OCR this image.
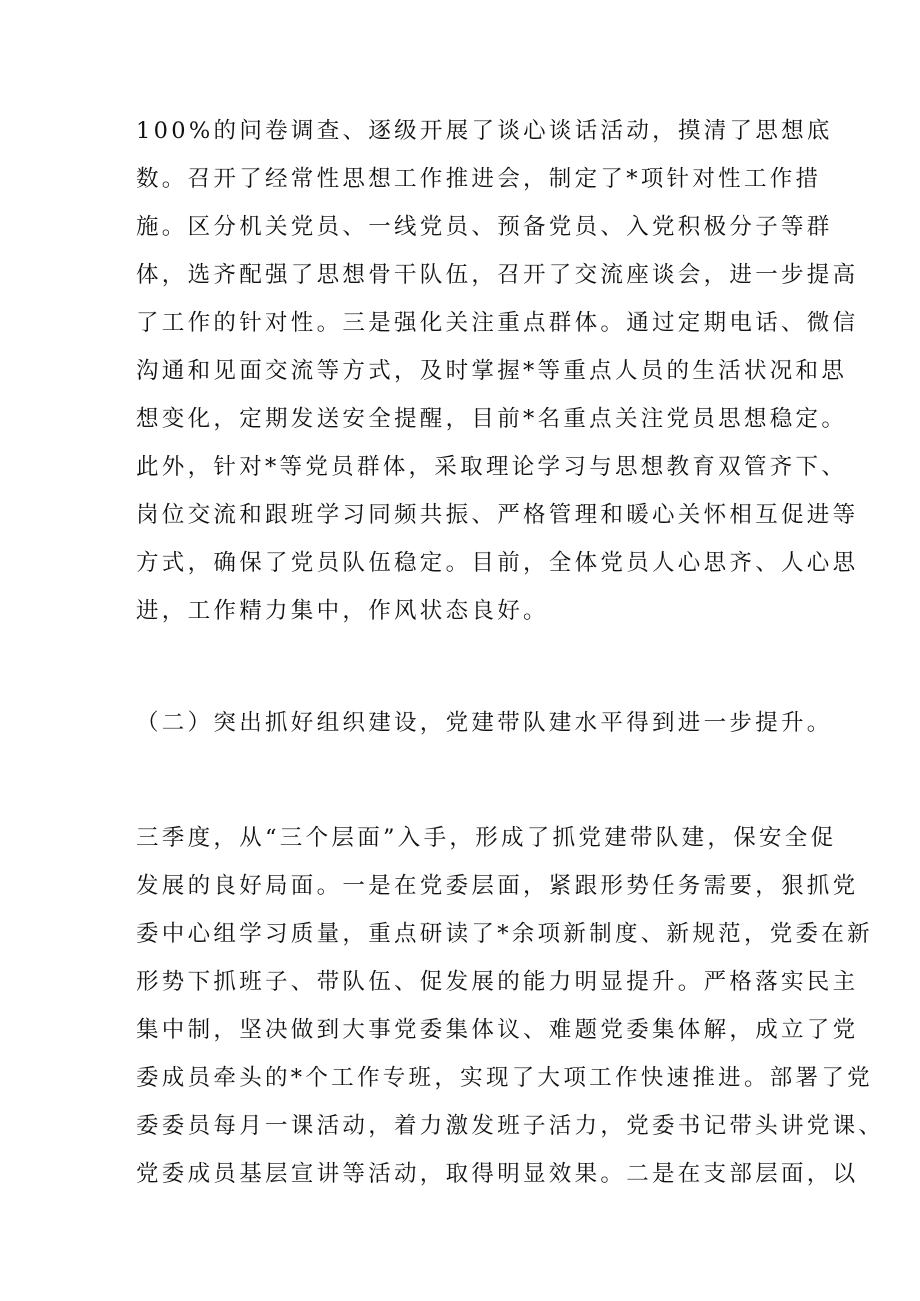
100%的问卷调查、逐级开展了谈心谈话活动，摸清了思想底
数。召开了经常性思想工作推进会，制定了*项针对性工作措
施。区分机关党员、一线党员、预备党员、入党积极分子等群
体，选齐配强了思想骨干队伍，召开了交流座谈会，进一步提高
了工作的针对性。三是强化关注重点群体。通过定期电话、微信
沟通和见面交流等方式，及时掌握*等重点人员的生活状况和思
想变化，定期发送安全提醒，目前*名重点关注党员思想稳定。
此外，针对*等党员群体，采取理论学习与思想教育双管齐下、
岗位交流和跟班学习同频共振、严格管理和暖心关怀相互促进等
方式，确保了党员队伍稳定。目前，全体党员人心思齐、人心思
进，工作精力集中，作风状态良好。
（二）突出抓好组织建设，党建带队建水平得到进一步提升。
三季度，从“三个层面”入手，形成了抓党建带队建，保安全促
发展的良好局面。一是在党委层面，紧跟形势任务需要，狠抓党
委中心组学习质量，重点研读了*余项新制度、新规范，党委在新
形势下抓班子、带队伍、促发展的能力明显提升。严格落实民主
集中制，坚决做到大事党委集体议、难题党委集体解，成立了党
委成员牵头的*个工作专班，实现了大项工作快速推进。部署了党
委委员每月一课活动，着力激发班子活力，党委书记带头讲党课、
党委成员基层宣讲等活动，取得明显效果。二是在支部层面，以
